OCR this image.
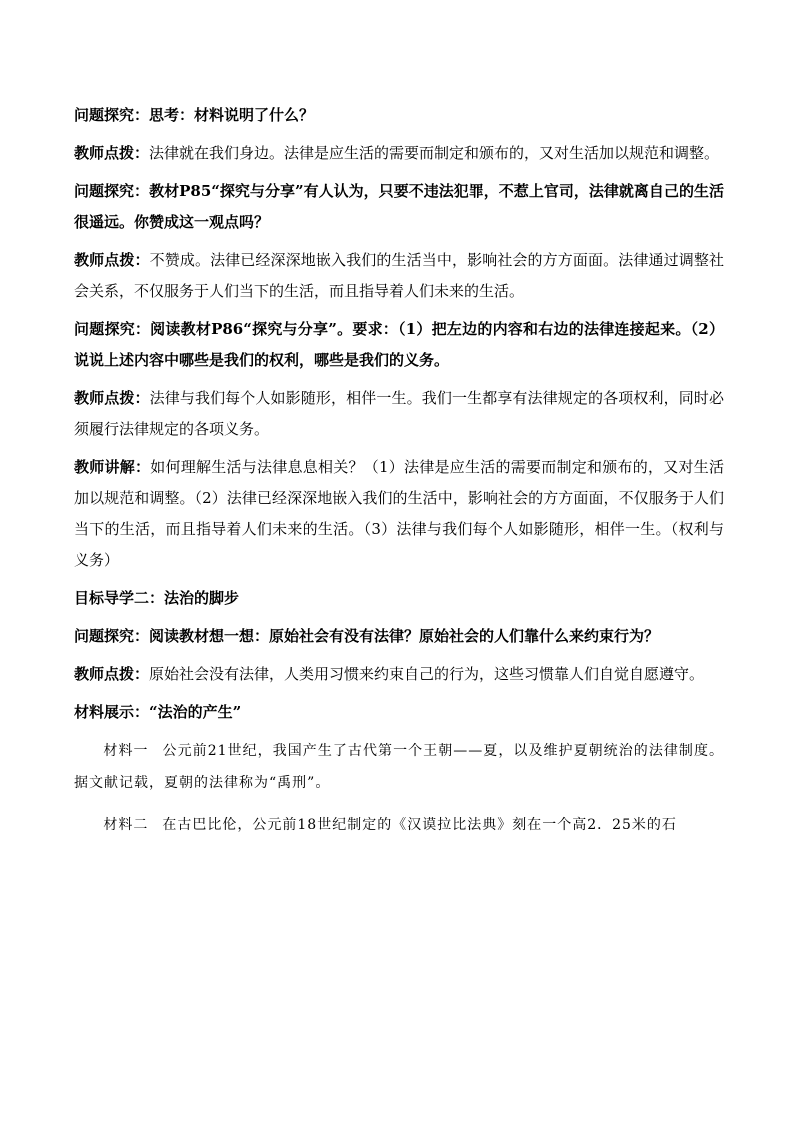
问题探究：思考：材料说明了什么？

教师点拨：法律就在我们身边。法律是应生活的需要而制定和颁布的，又对生活加以规范和调整。

问题探究：教材P85“探究与分享”有人认为，只要不违法犯罪，不惹上官司，法律就离自己的生活很遥远。你赞成这一观点吗？

教师点拨：不赞成。法律已经深深地嵌入我们的生活当中，影响社会的方方面面。法律通过调整社会关系，不仅服务于人们当下的生活，而且指导着人们未来的生活。

问题探究：阅读教材P86“探究与分享”。要求：（1）把左边的内容和右边的法律连接起来。（2）说说上述内容中哪些是我们的权利，哪些是我们的义务。

教师点拨：法律与我们每个人如影随形，相伴一生。我们一生都享有法律规定的各项权利，同时必须履行法律规定的各项义务。

教师讲解：如何理解生活与法律息息相关？（1）法律是应生活的需要而制定和颁布的，又对生活加以规范和调整。（2）法律已经深深地嵌入我们的生活中，影响社会的方方面面，不仅服务于人们当下的生活，而且指导着人们未来的生活。（3）法律与我们每个人如影随形，相伴一生。（权利与义务）

目标导学二：法治的脚步

问题探究：阅读教材想一想：原始社会有没有法律？原始社会的人们靠什么来约束行为？

教师点拨：原始社会没有法律，人类用习惯来约束自己的行为，这些习惯靠人们自觉自愿遵守。

材料展示：“法治的产生”

材料一 公元前21世纪，我国产生了古代第一个王朝——夏，以及维护夏朝统治的法律制度。据文献记载，夏朝的法律称为“禹刑”。

材料二 在古巴比伦，公元前18世纪制定的《汉谟拉比法典》刻在一个高2．25米的石
